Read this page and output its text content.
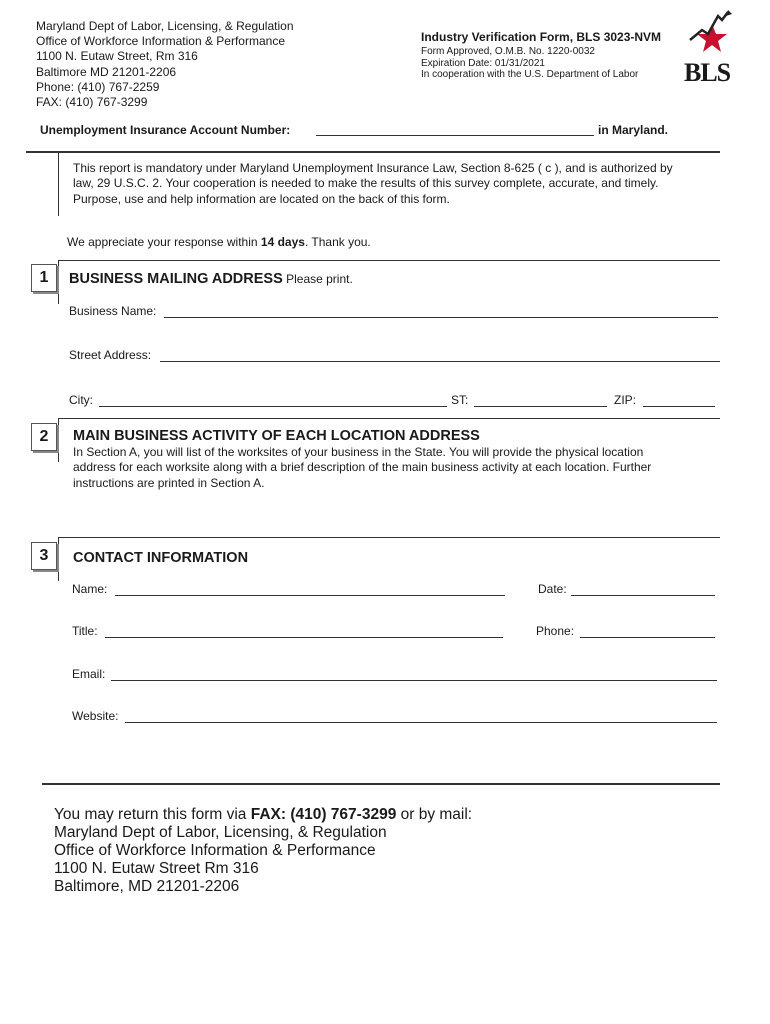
Maryland Dept of Labor, Licensing, & Regulation
Office of Workforce Information & Performance
1100 N. Eutaw Street, Rm 316
Baltimore MD 21201-2206
Phone: (410) 767-2259
FAX: (410) 767-3299
Industry Verification Form, BLS 3023-NVM
Form Approved, O.M.B. No. 1220-0032
Expiration Date: 01/31/2021
In cooperation with the U.S. Department of Labor	BLS
Unemployment Insurance Account Number:	in Maryland.
This report is mandatory under Maryland Unemployment Insurance Law, Section 8-625 ( c ), and is authorized by
law, 29 U.S.C. 2. Your cooperation is needed to make the results of this survey complete, accurate, and timely.
Purpose, use and help information are located on the back of this form.
We appreciate your response within 14 days. Thank you.
1	BUSINESS MAILING ADDRESS Please print.
Business Name:
Street Address:
City:	ST:	ZIP:
2	MAIN BUSINESS ACTIVITY OF EACH LOCATION ADDRESS
In Section A, you will list of the worksites of your business in the State. You will provide the physical location
address for each worksite along with a brief description of the main business activity at each location. Further
instructions are printed in Section A.
3	CONTACT INFORMATION
Name:	Date:
Title:	Phone:
Email:
Website:
You may return this form via FAX: (410) 767-3299 or by mail:
Maryland Dept of Labor, Licensing, & Regulation
Office of Workforce Information & Performance
1100 N. Eutaw Street Rm 316
Baltimore, MD 21201-2206
